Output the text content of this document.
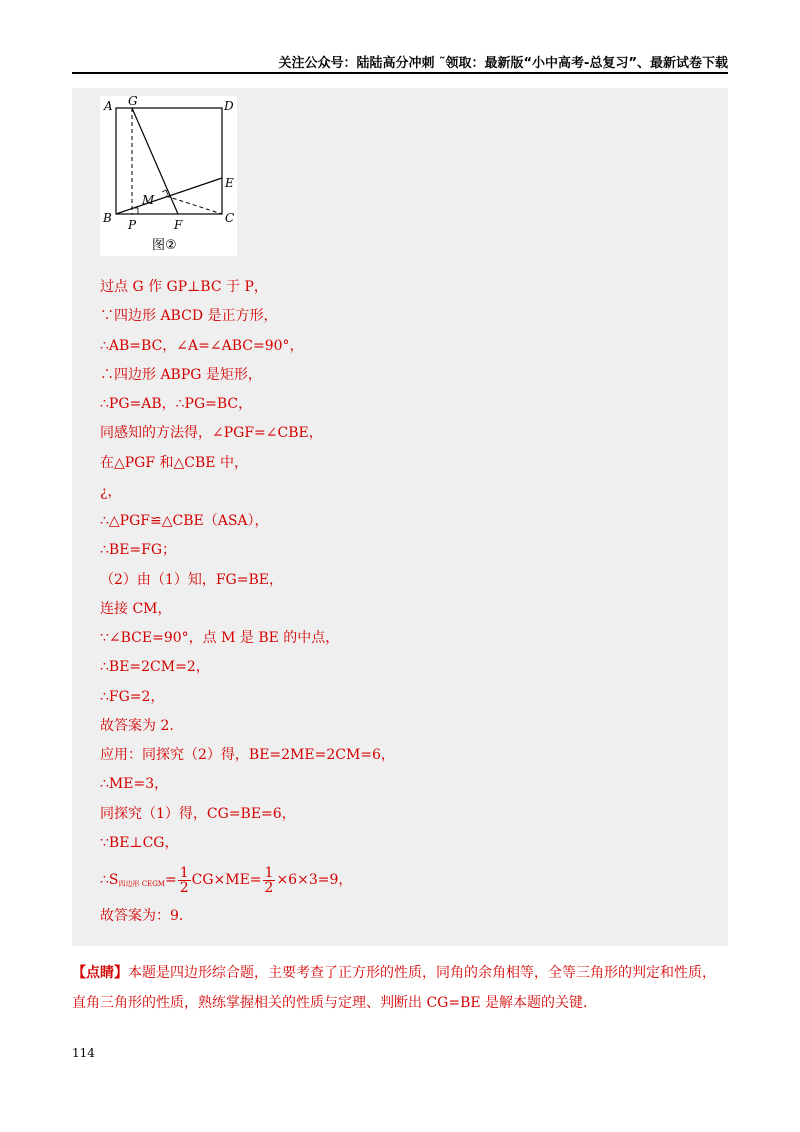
关注公众号：陆陆高分冲刺 ˜领取：最新版“小中高考-总复习”、最新试卷下载
A G	D
E
M
B	C
P	F
图②
过点 G 作 GP⊥BC 于 P，
∵四边形 ABCD 是正方形，
∴AB=BC，∠A=∠ABC=90°，
∴四边形 ABPG 是矩形，
∴PG=AB，∴PG=BC，
同感知的方法得，∠PGF=∠CBE，
在△PGF 和△CBE 中，
¿，
∴△PGF≌△CBE（ASA），
∴BE=FG；
（2）由（1）知，FG=BE，
连接 CM，
∵∠BCE=90°，点 M 是 BE 的中点，
∴BE=2CM=2，
∴FG=2，
故答案为 2.
应用：同探究（2）得，BE=2ME=2CM=6，
∴ME=3，
同探究（1）得，CG=BE=6，
∵BE⊥CG，
$\therefore S_{四边形 CEGM}= \frac{1}{2} CG\times ME= \frac{1}{2} \times 6\times 3=9$，
故答案为：9.
【点睛】本题是四边形综合题，主要考查了正方形的性质，同角的余角相等，全等三角形的判定和性质，直角三角形的性质，熟练掌握相关的性质与定理、判断出 CG=BE 是解本题的关键.
114
